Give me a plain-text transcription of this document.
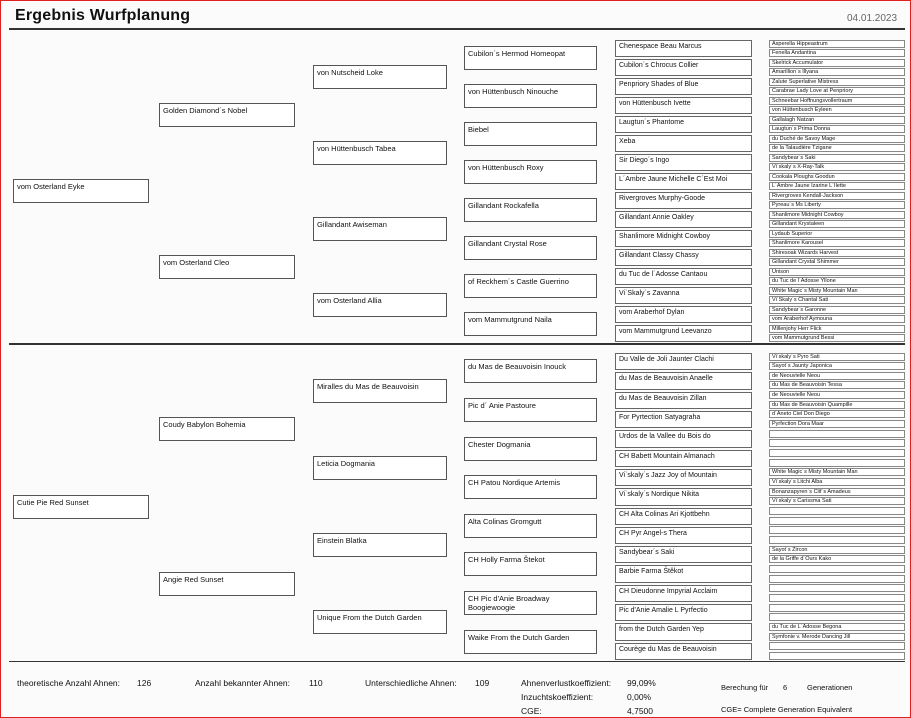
Ergebnis Wurfplanung	04.01.2023
vom Osterland Eyke
Golden Diamond´s Nobel
vom Osterland Cleo
von Nutscheid Loke
von Hüttenbusch Tabea
Gillandant Awiseman
vom Osterland Allia
Cubilon´s Hermod Homeopat
von Hüttenbusch Ninouche
Biebel
von Hüttenbusch Roxy
Gillandant Rockafella
Gillandant Crystal Rose
of Reckhem´s Castle Guerrino
vom Mammutgrund Naila
Chenespace Beau Marcus
Cubilon´s Chrocus Collier
Penpriory Shades of Blue
von Hüttenbusch Ivette
Laugtun´s Phantome
Xeba
Sir Diego´s Ingo
L´Ambre Jaune Michelle C´Est Moi
Rivergroves Murphy-Goode
Gillandant Annie Oakley
Shanlimore Midnight Cowboy
Gillandant Classy Chassy
du Tuc de l´Adosse Cantaou
Vi`Skaly´s Zavanna
vom Araberhof Dylan
vom Mammutgrund Leevanzo
Asperella Hippeastrum
Fenella Andantina
Skelrick Accumulator
Amarillion´s Illyana
Zalute Superlative Mistress
Carabrae Lady Love at Penpriory
Schneebar Hoffnungsvollertraum
von Hüttenbusch Eyleen
Gallalagh Natzan
Laugtun´s Prima Donna
du Duché de Savoy Mage
de la Talaudière Tzigane
Sandybear´s Saki
Vi`skaly´s X-Ray-Talk
Cookala Ploughs Goodun
L´Ambre Jaune Izarine L´Ilette
Rivergroves Kendall-Jackson
Pyreau´s Ms Liberty
Shanlimore Midnight Cowboy
Gillandant Krystaleen
Lydaub Superior
Shanlimore Karousel
Shiresoak Wizards Harvest
Gillandant Crystal Shimmer
Unison
du Tuc de l´Adosse Yllone
White Magic´s Misty Mountain Man
Vi`Skaly´s Chantal Sati
Sandybear´s Garonne
vom Araberhof Aymouna
Millenjohy Herr Flick
vom Mammutgrund Bessi
Cutie Pie Red Sunset
Coudy Babylon Bohemia
Angie Red Sunset
Miralles du Mas de Beauvoisin
Leticia Dogmania
Einstein Blatka
Unique From the Dutch Garden
du Mas de Beauvoisin Inouck
Pic d´ Anie Pastoure
Chester Dogmania
CH Patou Nordique Artemis
Alta Colinas Gromgutt
CH Holly Farma Štekot
CH Pic d'Anie Broadway Boogiewoogie
Waike From the Dutch Garden
Du Valle de Joli Jaunter Clachi
du Mas de Beauvoisin Anaelle
du Mas de Beauvoisin Zillan
For Pyrtection Satyagraha
Urdos de la Vallee du Bois do
CH Babett Mountain Almanach
Vi`skaly´s Jazz Joy of Mountain
Vi`skaly´s Nordique Nikita
CH Alta Colinas Ari Kjottbehn
CH Pyr Angel-s Thera
Sandybear´s Saki
Barbie Farma Štěkot
CH Dieudonne Impyrial Acclaim
Pic d'Anie Amalie L Pyrfectio
from the Dutch Garden Yep
Courège du Mas de Beauvoisin
Vi`skaly´s Pyro Sati
Sayot´s Jaunty Japonica
de Neouvielle Neou
du Mas de Beauvoisin Tessa
de Neouvielle Neou
du Mas de Beauvoisin Quampille
d´Aneto Ciel Don Diego
Pyrfection Dora Maar
White Magic´s Misty Mountain Man
Vi`skaly´s Litchi Alba
Bonanzapyren´s Clif´s Amadeus
Vi`skaly´s Carissma Sati
Sayot´s Zircon
de la Griffe d´Ours Kako
du Tuc de L´Adosse Begona
Symfonie v. Merode Dancing Jill
theoretische Anzahl Ahnen: 126	Anzahl bekannter Ahnen: 110	Unterschiedliche Ahnen: 109	Ahnenverlustkoeffizient: 99,09%
Inzuchtskoeffizient:	0,00%
CGE:	4,7500
Berechung für 6	Generationen
CGE= Complete Generation Equivalent
